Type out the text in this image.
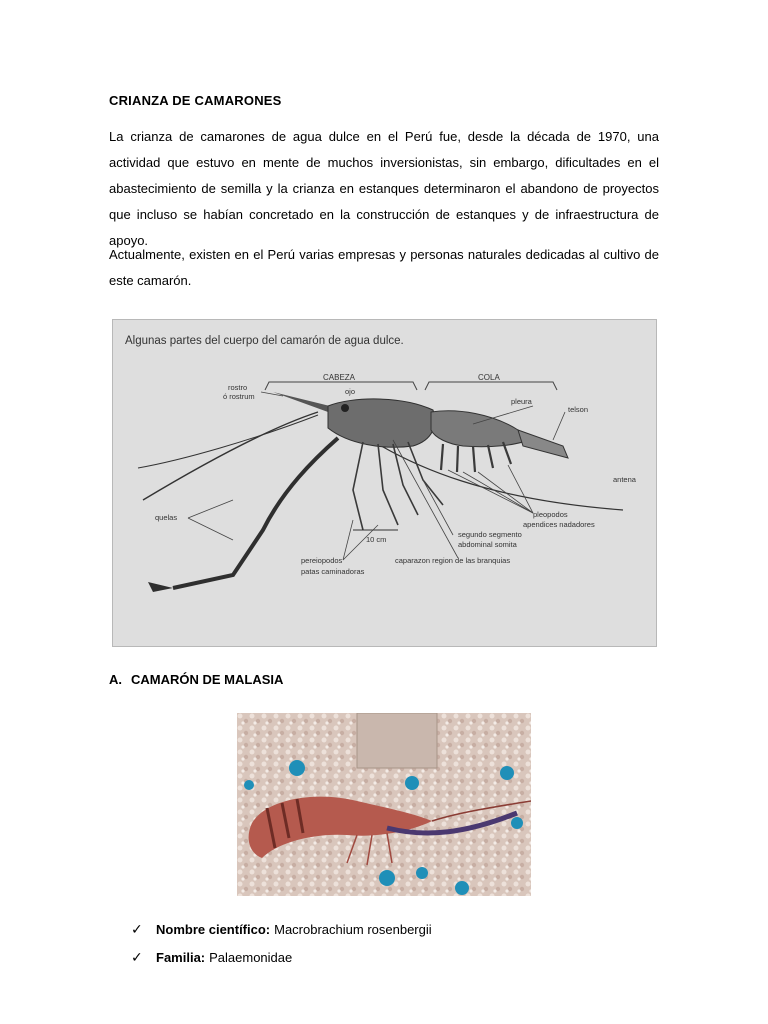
CRIANZA DE CAMARONES
La crianza de camarones de agua dulce en el Perú fue, desde la década de 1970, una actividad que estuvo en mente de muchos inversionistas, sin embargo, dificultades en el abastecimiento de semilla y la crianza en estanques determinaron el abandono de proyectos que incluso se habían concretado en la construcción de estanques y de infraestructura de apoyo.
Actualmente, existen en el Perú varias empresas y personas naturales dedicadas al cultivo de este camarón.
Algunas partes del cuerpo del camarón de agua dulce.
CABEZA	COLA
rostro
ó rostrum
ojo
pleura
telson
antena
pleopodos
apendices nadadores
segundo segmento
abdominal somita
caparazon region de las branquias
quelas
pereiopodos
patas caminadoras
10 cm
A. CAMARÓN DE MALASIA
✓	Nombre científico: Macrobrachium rosenbergii
✓	Familia: Palaemonidae
